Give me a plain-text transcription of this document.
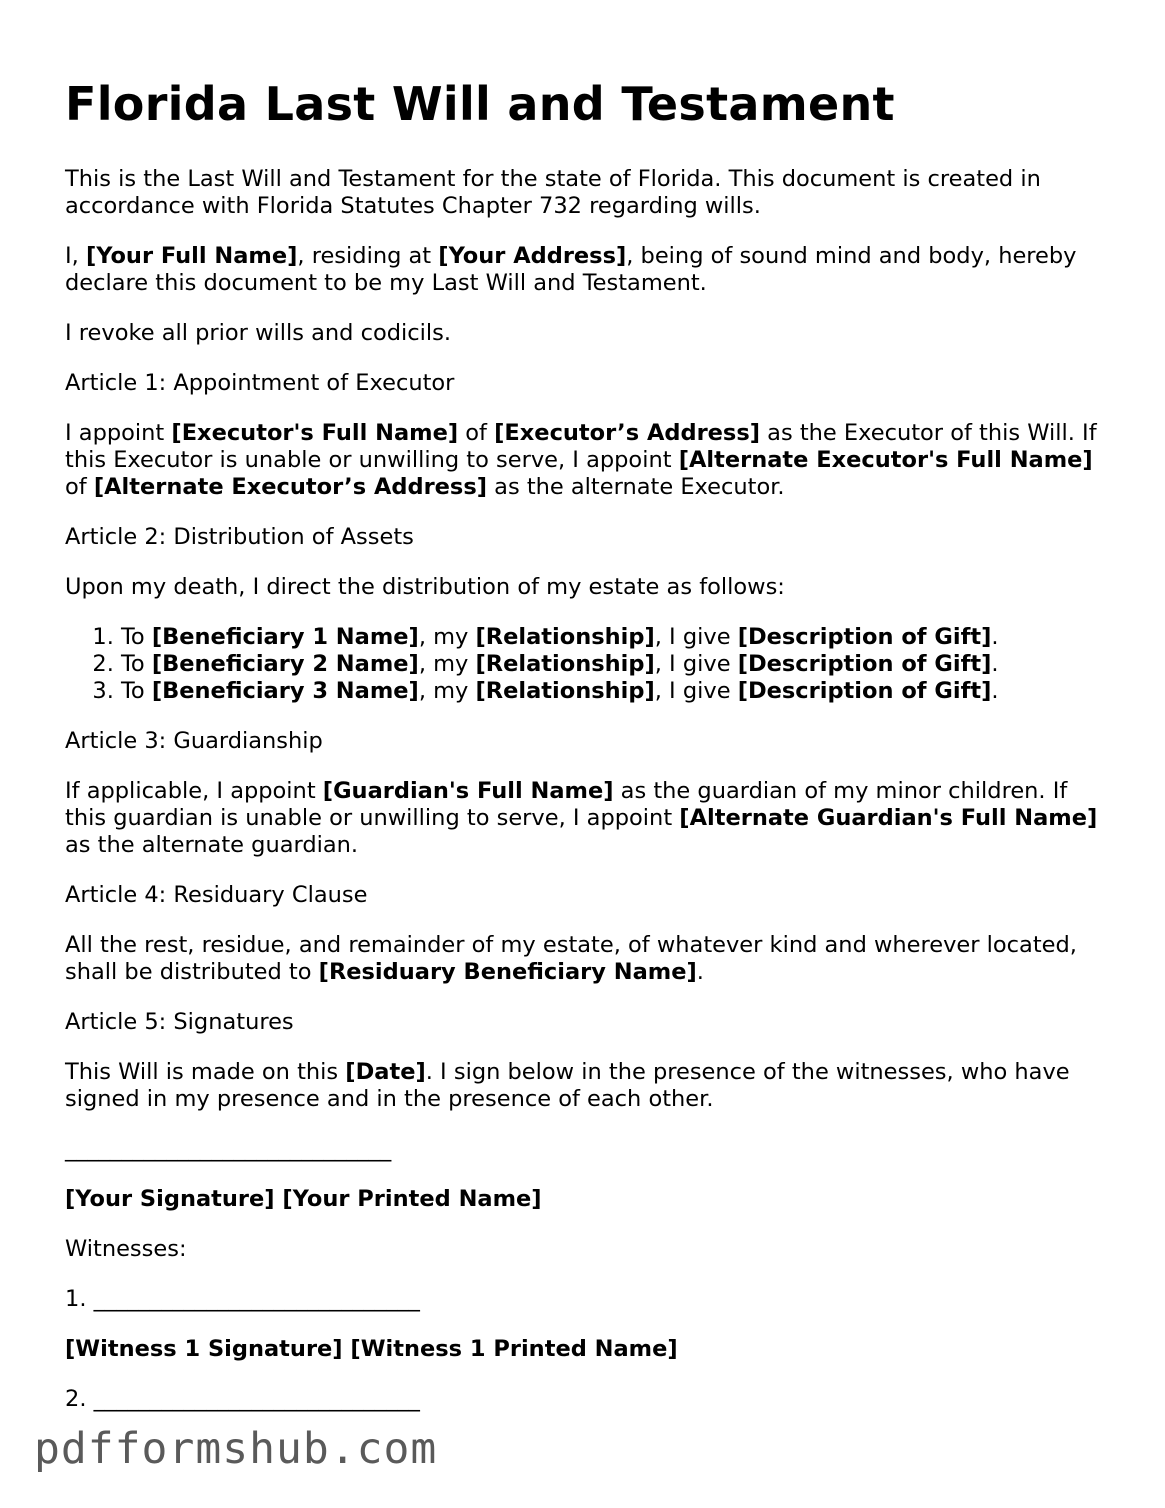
Florida Last Will and Testament

This is the Last Will and Testament for the state of Florida. This document is created in accordance with Florida Statutes Chapter 732 regarding wills.

I, [Your Full Name], residing at [Your Address], being of sound mind and body, hereby declare this document to be my Last Will and Testament.

I revoke all prior wills and codicils.

Article 1: Appointment of Executor

I appoint [Executor's Full Name] of [Executor’s Address] as the Executor of this Will. If this Executor is unable or unwilling to serve, I appoint [Alternate Executor's Full Name] of [Alternate Executor’s Address] as the alternate Executor.

Article 2: Distribution of Assets

Upon my death, I direct the distribution of my estate as follows:

1. To [Beneficiary 1 Name], my [Relationship], I give [Description of Gift].
2. To [Beneficiary 2 Name], my [Relationship], I give [Description of Gift].
3. To [Beneficiary 3 Name], my [Relationship], I give [Description of Gift].

Article 3: Guardianship

If applicable, I appoint [Guardian's Full Name] as the guardian of my minor children. If this guardian is unable or unwilling to serve, I appoint [Alternate Guardian's Full Name] as the alternate guardian.

Article 4: Residuary Clause

All the rest, residue, and remainder of my estate, of whatever kind and wherever located, shall be distributed to [Residuary Beneficiary Name].

Article 5: Signatures

This Will is made on this [Date]. I sign below in the presence of the witnesses, who have signed in my presence and in the presence of each other.

_____________________________

[Your Signature] [Your Printed Name]

Witnesses:

1. _____________________________

[Witness 1 Signature] [Witness 1 Printed Name]

2. _____________________________

pdfformshub.com
